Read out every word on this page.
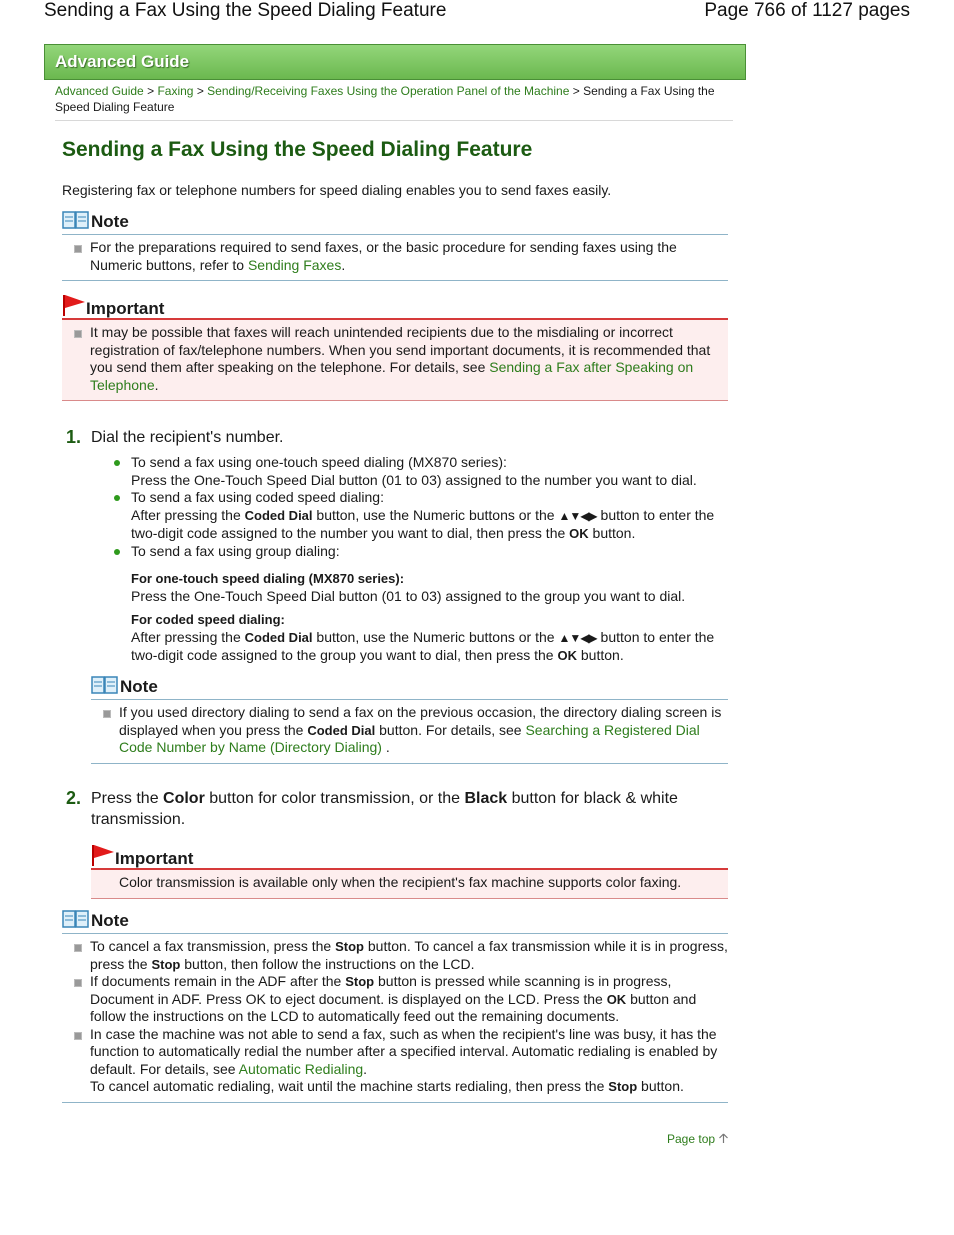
Sending a Fax Using the Speed Dialing Feature	Page 766 of 1127 pages
Advanced Guide
Advanced Guide > Faxing > Sending/Receiving Faxes Using the Operation Panel of the Machine > Sending a Fax Using the Speed Dialing Feature
Sending a Fax Using the Speed Dialing Feature
Registering fax or telephone numbers for speed dialing enables you to send faxes easily.
Note
For the preparations required to send faxes, or the basic procedure for sending faxes using the Numeric buttons, refer to Sending Faxes.
Important
It may be possible that faxes will reach unintended recipients due to the misdialing or incorrect registration of fax/telephone numbers. When you send important documents, it is recommended that you send them after speaking on the telephone. For details, see Sending a Fax after Speaking on Telephone.
1. Dial the recipient's number.
To send a fax using one-touch speed dialing (MX870 series):
Press the One-Touch Speed Dial button (01 to 03) assigned to the number you want to dial.
To send a fax using coded speed dialing:
After pressing the Coded Dial button, use the Numeric buttons or the ▲▼◀▶ button to enter the two-digit code assigned to the number you want to dial, then press the OK button.
To send a fax using group dialing:
For one-touch speed dialing (MX870 series):
Press the One-Touch Speed Dial button (01 to 03) assigned to the group you want to dial.
For coded speed dialing:
After pressing the Coded Dial button, use the Numeric buttons or the ▲▼◀▶ button to enter the two-digit code assigned to the group you want to dial, then press the OK button.
Note
If you used directory dialing to send a fax on the previous occasion, the directory dialing screen is displayed when you press the Coded Dial button. For details, see Searching a Registered Dial Code Number by Name (Directory Dialing) .
2. Press the Color button for color transmission, or the Black button for black & white transmission.
Important
Color transmission is available only when the recipient's fax machine supports color faxing.
Note
To cancel a fax transmission, press the Stop button. To cancel a fax transmission while it is in progress, press the Stop button, then follow the instructions on the LCD.
If documents remain in the ADF after the Stop button is pressed while scanning is in progress, Document in ADF. Press OK to eject document. is displayed on the LCD. Press the OK button and follow the instructions on the LCD to automatically feed out the remaining documents.
In case the machine was not able to send a fax, such as when the recipient's line was busy, it has the function to automatically redial the number after a specified interval. Automatic redialing is enabled by default. For details, see Automatic Redialing.
To cancel automatic redialing, wait until the machine starts redialing, then press the Stop button.
Page top
